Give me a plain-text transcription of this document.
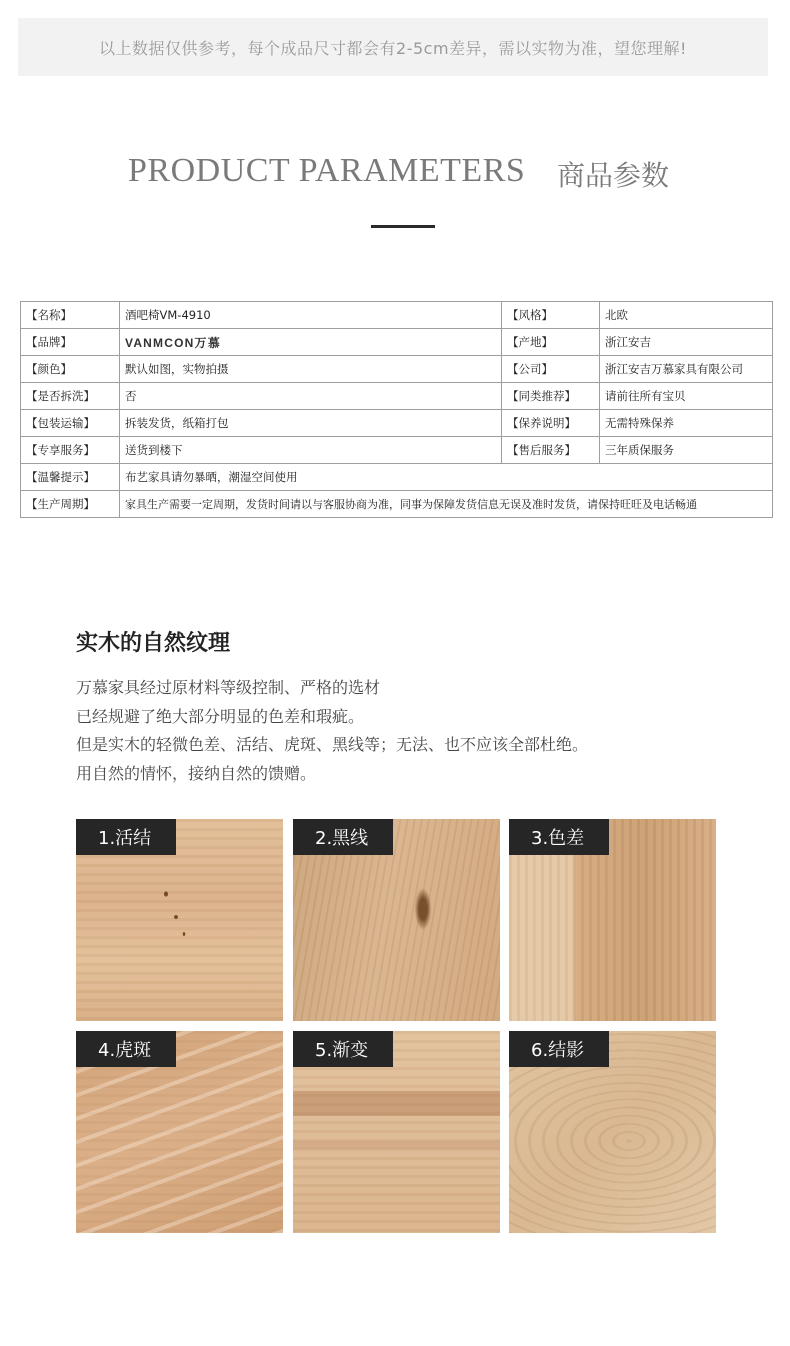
以上数据仅供参考，每个成品尺寸都会有2-5cm差异，需以实物为准，望您理解!
PRODUCT PARAMETERS 商品参数
【名称】	酒吧椅VM-4910	【风格】	北欧
【品牌】	VANMCON万慕	【产地】	浙江安吉
【颜色】	默认如图，实物拍摄	【公司】	浙江安吉万慕家具有限公司
【是否拆洗】	否	【同类推荐】	请前往所有宝贝
【包装运输】	拆装发货，纸箱打包	【保养说明】	无需特殊保养
【专享服务】	送货到楼下	【售后服务】	三年质保服务
【温馨提示】	布艺家具请勿暴晒，潮湿空间使用		
【生产周期】	家具生产需要一定周期，发货时间请以与客服协商为准，同事为保障发货信息无误及准时发货，请保持旺旺及电话畅通		
实木的自然纹理
万慕家具经过原材料等级控制、严格的选材
已经规避了绝大部分明显的色差和瑕疵。
但是实木的轻微色差、活结、虎斑、黑线等；无法、也不应该全部杜绝。
用自然的情怀，接纳自然的馈赠。
1.活结	2.黑线	3.色差
4.虎斑	5.渐变	6.结影
